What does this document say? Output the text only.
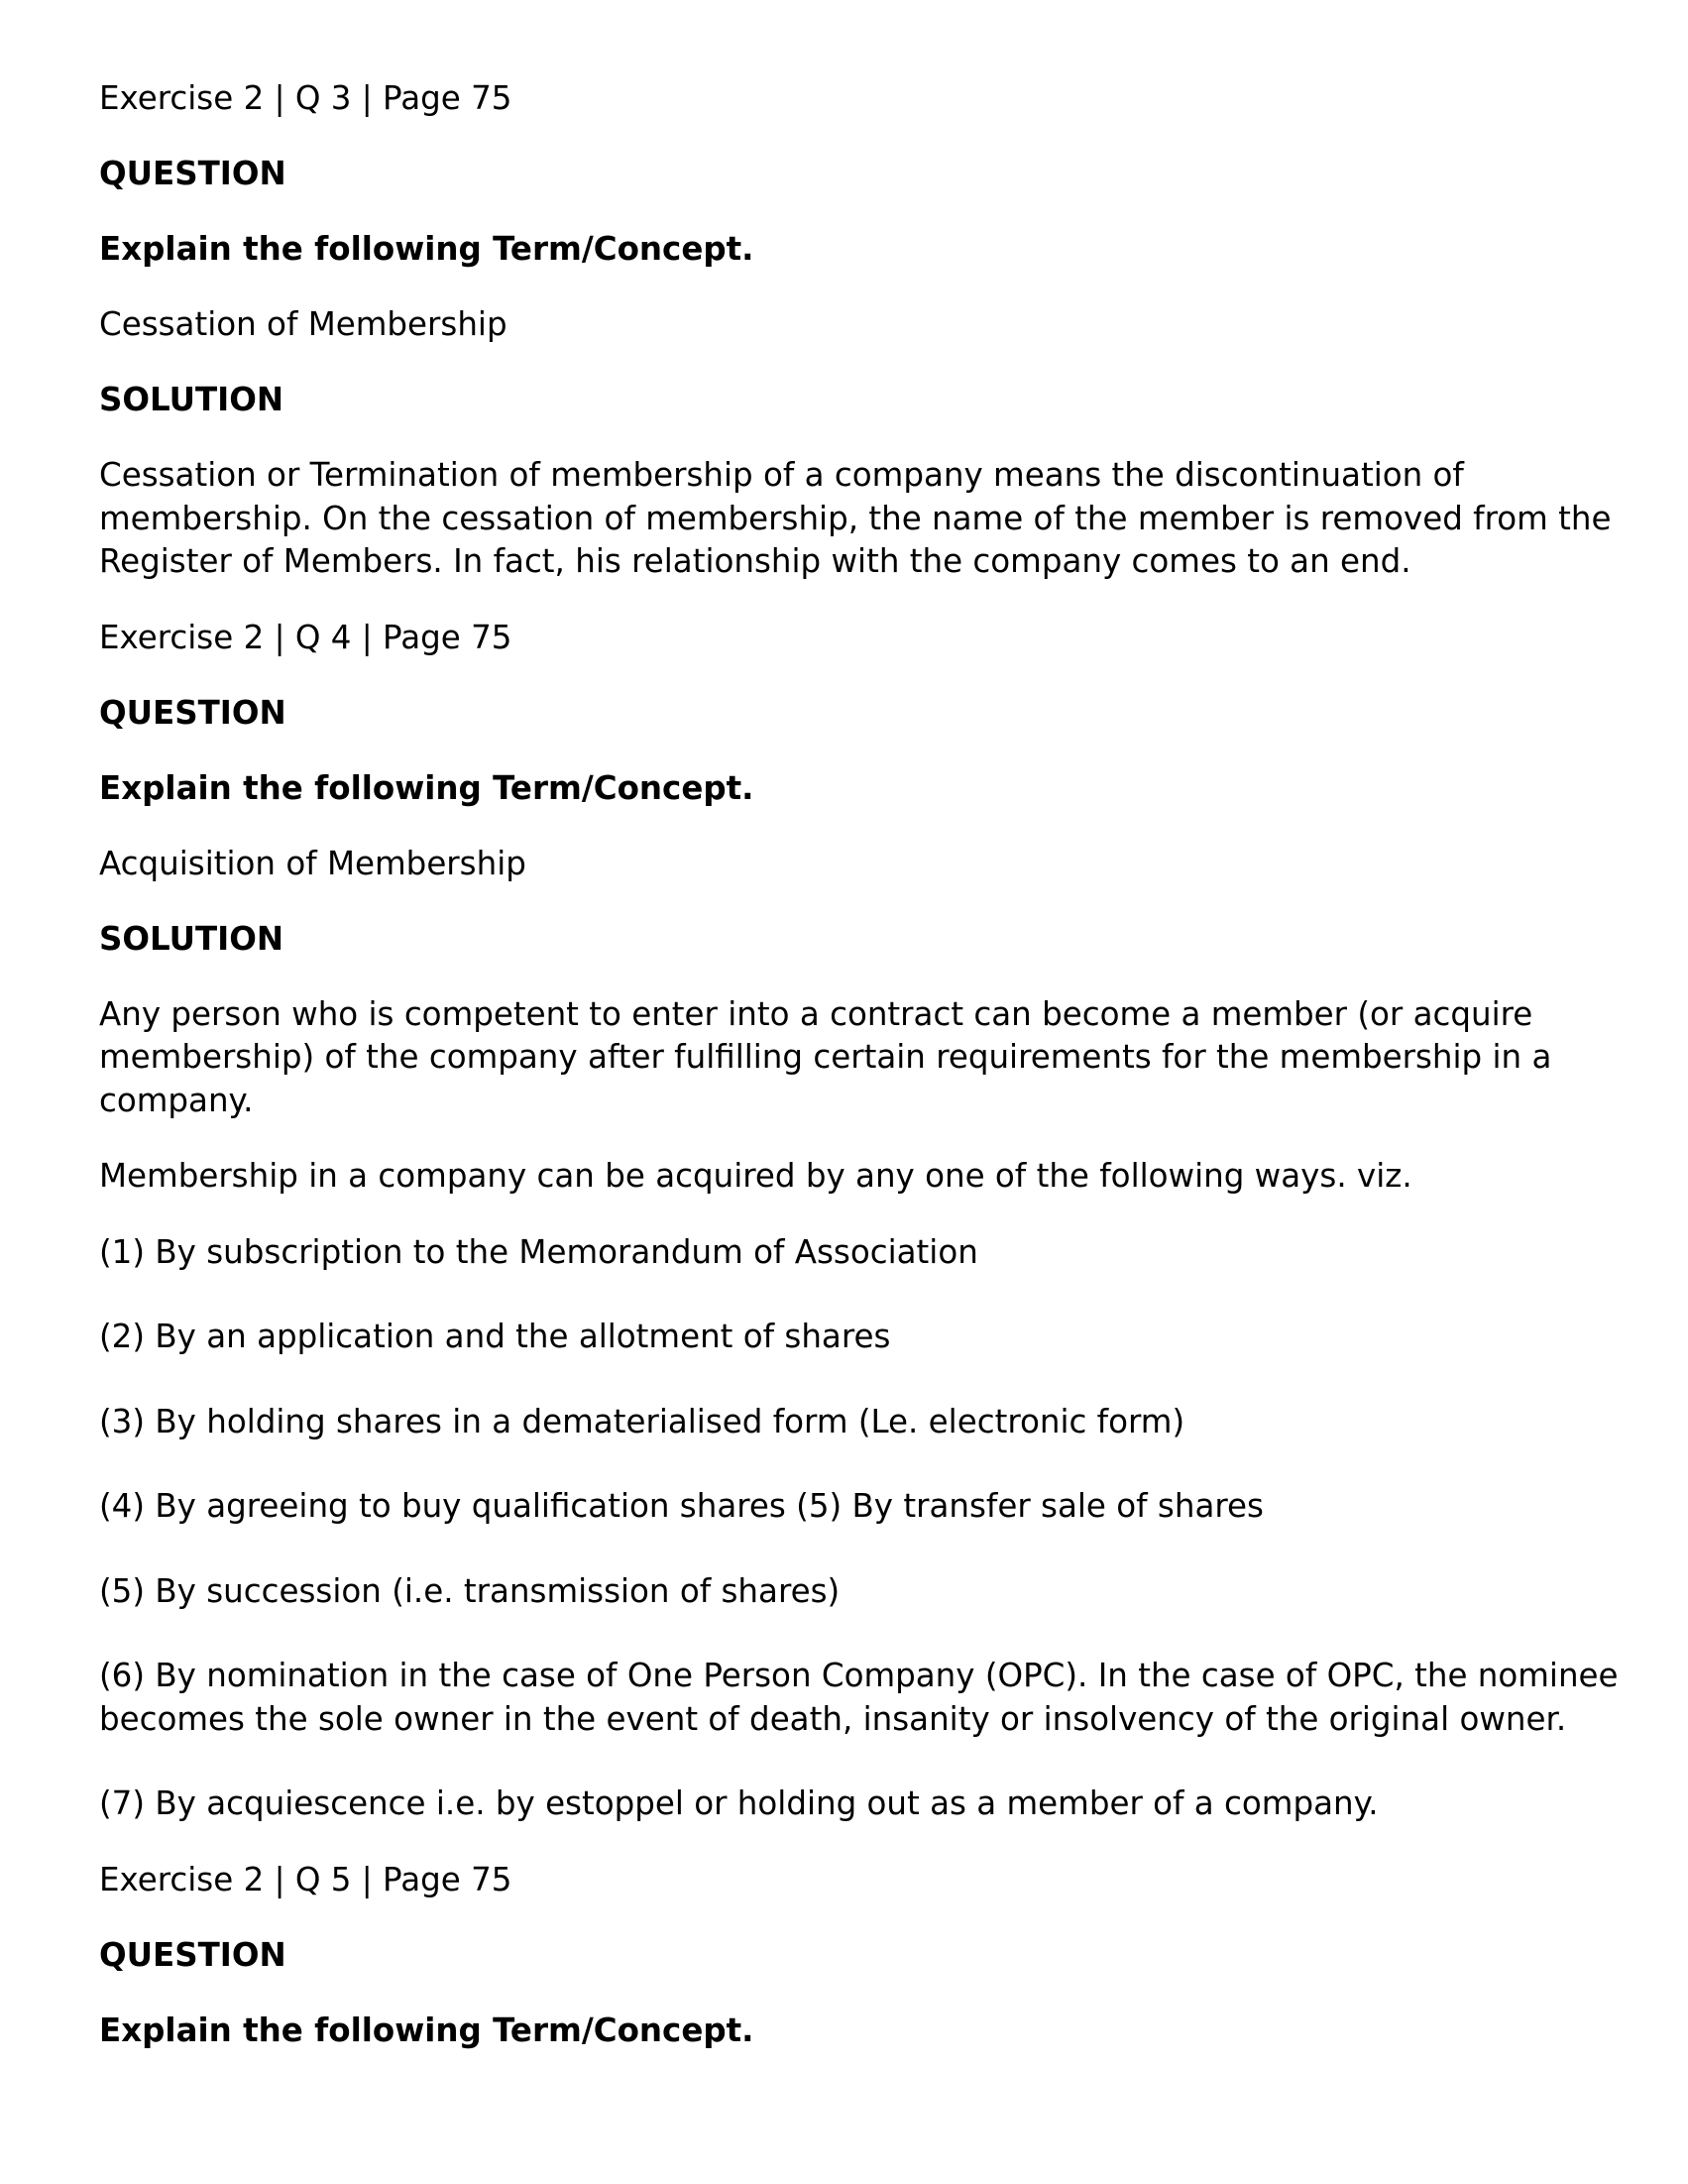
Exercise 2 | Q 3 | Page 75
QUESTION
Explain the following Term/Concept.
Cessation of Membership
SOLUTION
Cessation or Termination of membership of a company means the discontinuation of membership. On the cessation of membership, the name of the member is removed from the Register of Members. In fact, his relationship with the company comes to an end.
Exercise 2 | Q 4 | Page 75
QUESTION
Explain the following Term/Concept.
Acquisition of Membership
SOLUTION
Any person who is competent to enter into a contract can become a member (or acquire membership) of the company after fulfilling certain requirements for the membership in a company.
Membership in a company can be acquired by any one of the following ways. viz.
(1) By subscription to the Memorandum of Association
(2) By an application and the allotment of shares
(3) By holding shares in a dematerialised form (Le. electronic form)
(4) By agreeing to buy qualification shares (5) By transfer sale of shares
(5) By succession (i.e. transmission of shares)
(6) By nomination in the case of One Person Company (OPC). In the case of OPC, the nominee becomes the sole owner in the event of death, insanity or insolvency of the original owner.
(7) By acquiescence i.e. by estoppel or holding out as a member of a company.
Exercise 2 | Q 5 | Page 75
QUESTION
Explain the following Term/Concept.
